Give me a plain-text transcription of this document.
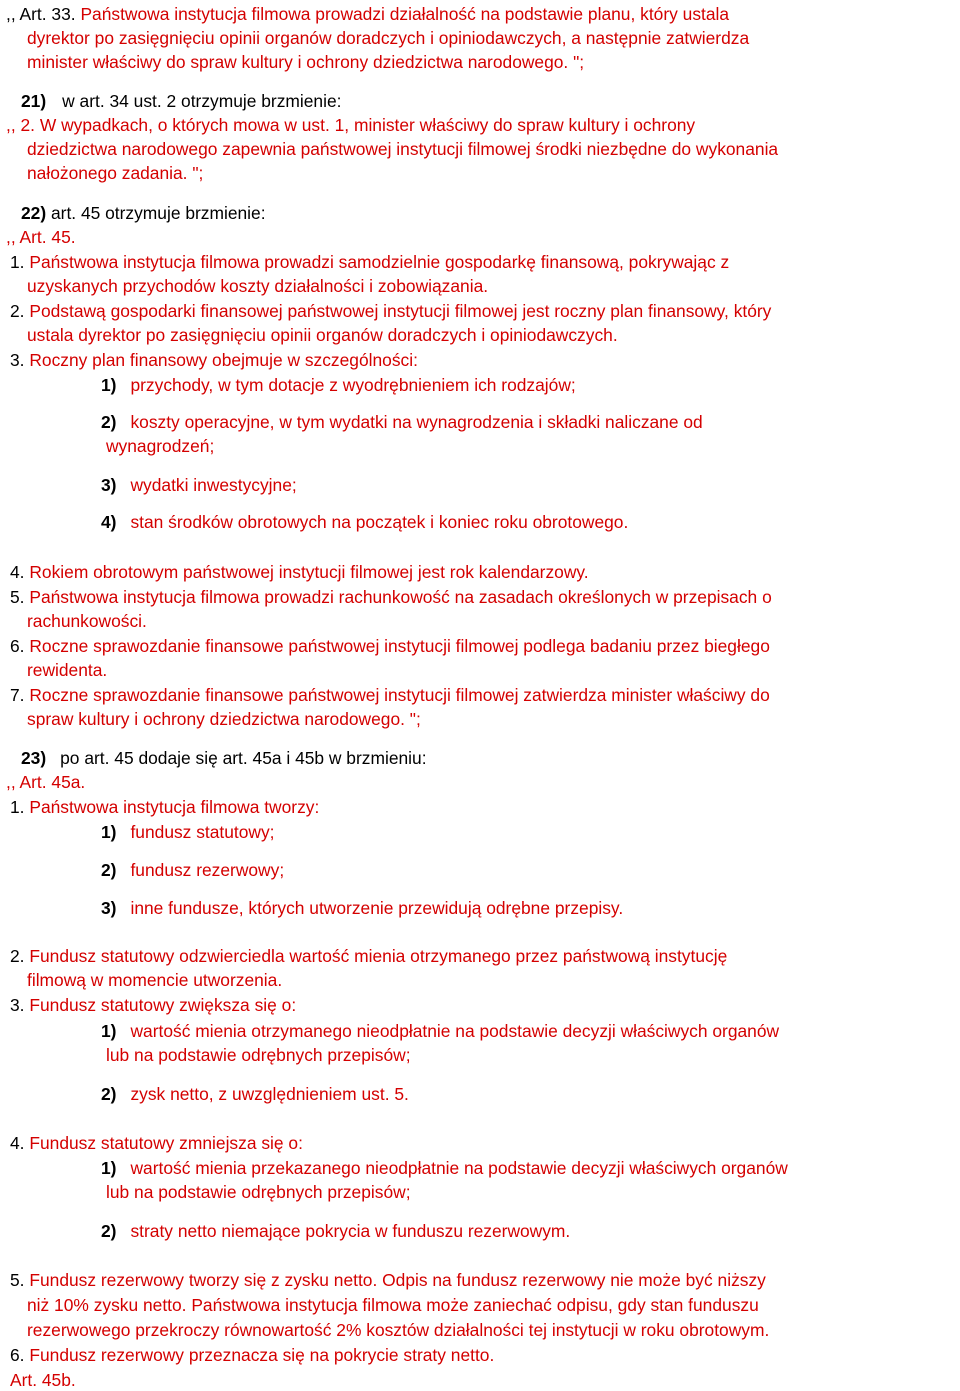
,, Art. 33. Państwowa instytucja filmowa prowadzi działalność na podstawie planu, który ustala
dyrektor po zasięgnięciu opinii organów doradczych i opiniodawczych, a następnie zatwierdza
minister właściwy do spraw kultury i ochrony dziedzictwa narodowego. ";
21) w art. 34 ust. 2 otrzymuje brzmienie:
,, 2. W wypadkach, o których mowa w ust. 1, minister właściwy do spraw kultury i ochrony
dziedzictwa narodowego zapewnia państwowej instytucji filmowej środki niezbędne do wykonania
nałożonego zadania. ";
22) art. 45 otrzymuje brzmienie:
,, Art. 45.
1. Państwowa instytucja filmowa prowadzi samodzielnie gospodarkę finansową, pokrywając z
uzyskanych przychodów koszty działalności i zobowiązania.
2. Podstawą gospodarki finansowej państwowej instytucji filmowej jest roczny plan finansowy, który
ustala dyrektor po zasięgnięciu opinii organów doradczych i opiniodawczych.
3. Roczny plan finansowy obejmuje w szczególności:
1) przychody, w tym dotacje z wyodrębnieniem ich rodzajów;
2) koszty operacyjne, w tym wydatki na wynagrodzenia i składki naliczane od
wynagrodzeń;
3) wydatki inwestycyjne;
4) stan środków obrotowych na początek i koniec roku obrotowego.
4. Rokiem obrotowym państwowej instytucji filmowej jest rok kalendarzowy.
5. Państwowa instytucja filmowa prowadzi rachunkowość na zasadach określonych w przepisach o
rachunkowości.
6. Roczne sprawozdanie finansowe państwowej instytucji filmowej podlega badaniu przez biegłego
rewidenta.
7. Roczne sprawozdanie finansowe państwowej instytucji filmowej zatwierdza minister właściwy do
spraw kultury i ochrony dziedzictwa narodowego. ";
23) po art. 45 dodaje się art. 45a i 45b w brzmieniu:
,, Art. 45a.
1. Państwowa instytucja filmowa tworzy:
1) fundusz statutowy;
2) fundusz rezerwowy;
3) inne fundusze, których utworzenie przewidują odrębne przepisy.
2. Fundusz statutowy odzwierciedla wartość mienia otrzymanego przez państwową instytucję
filmową w momencie utworzenia.
3. Fundusz statutowy zwiększa się o:
1) wartość mienia otrzymanego nieodpłatnie na podstawie decyzji właściwych organów
lub na podstawie odrębnych przepisów;
2) zysk netto, z uwzględnieniem ust. 5.
4. Fundusz statutowy zmniejsza się o:
1) wartość mienia przekazanego nieodpłatnie na podstawie decyzji właściwych organów
lub na podstawie odrębnych przepisów;
2) straty netto niemające pokrycia w funduszu rezerwowym.
5. Fundusz rezerwowy tworzy się z zysku netto. Odpis na fundusz rezerwowy nie może być niższy
niż 10% zysku netto. Państwowa instytucja filmowa może zaniechać odpisu, gdy stan funduszu
rezerwowego przekroczy równowartość 2% kosztów działalności tej instytucji w roku obrotowym.
6. Fundusz rezerwowy przeznacza się na pokrycie straty netto.
Art. 45b.
